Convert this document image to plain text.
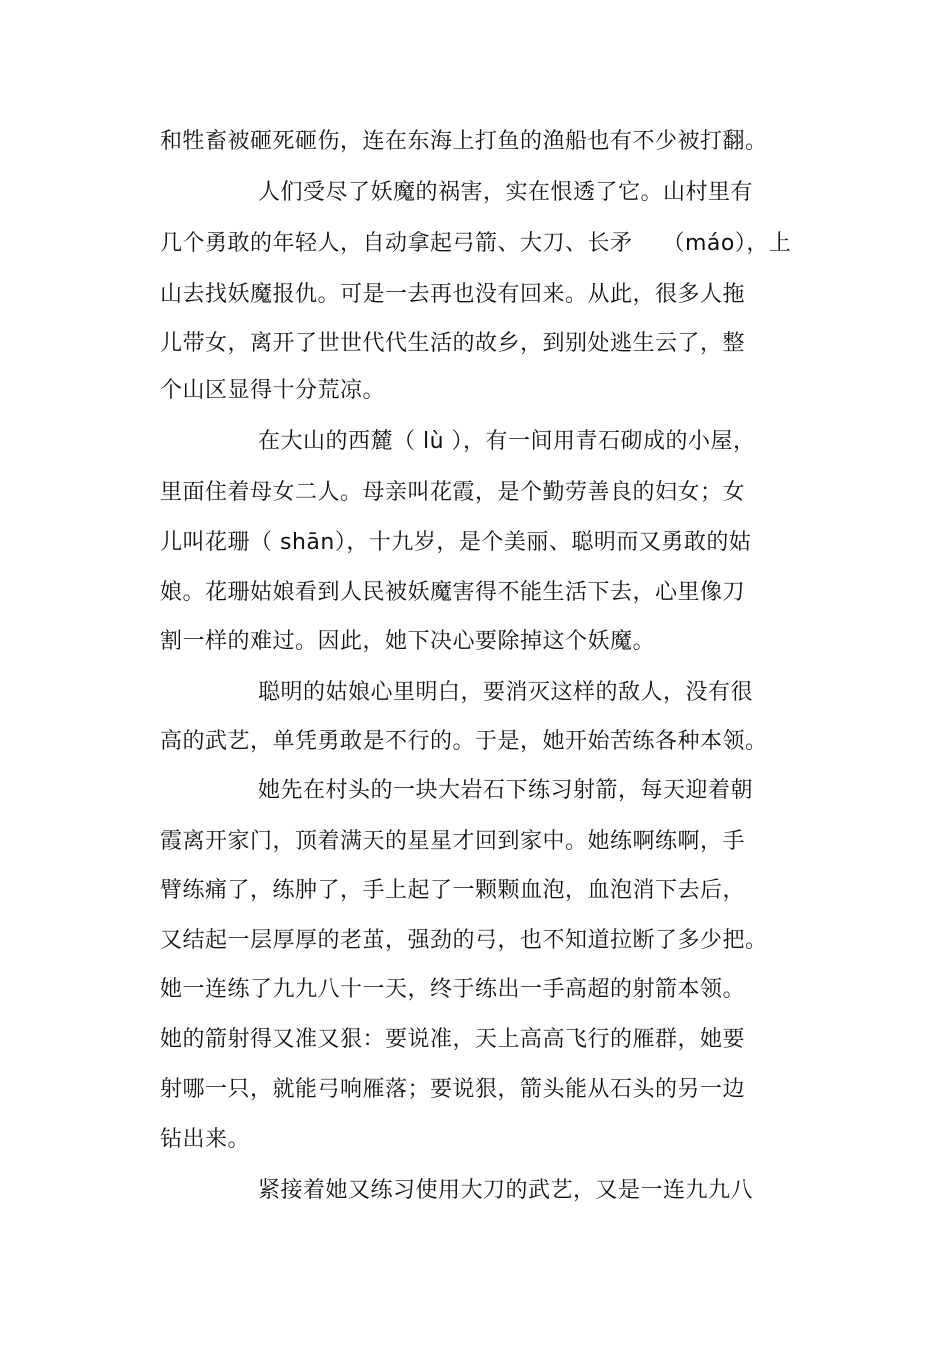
和牲畜被砸死砸伤，连在东海上打鱼的渔船也有不少被打翻。
人们受尽了妖魔的祸害，实在恨透了它。山村里有
几个勇敢的年轻人，自动拿起弓箭、大刀、长矛    （máo），上
山去找妖魔报仇。可是一去再也没有回来。从此，很多人拖
儿带女，离开了世世代代生活的故乡，到别处逃生云了，整
个山区显得十分荒凉。
在大山的西麓（ lù ），有一间用青石砌成的小屋，
里面住着母女二人。母亲叫花霞，是个勤劳善良的妇女；女
儿叫花珊（ shān），十九岁，是个美丽、聪明而又勇敢的姑
娘。花珊姑娘看到人民被妖魔害得不能生活下去，心里像刀
割一样的难过。因此，她下决心要除掉这个妖魔。
聪明的姑娘心里明白，要消灭这样的敌人，没有很
高的武艺，单凭勇敢是不行的。于是，她开始苦练各种本领。
她先在村头的一块大岩石下练习射箭，每天迎着朝
霞离开家门，顶着满天的星星才回到家中。她练啊练啊，手
臂练痛了，练肿了，手上起了一颗颗血泡，血泡消下去后，
又结起一层厚厚的老茧，强劲的弓，也不知道拉断了多少把。
她一连练了九九八十一天，终于练出一手高超的射箭本领。
她的箭射得又准又狠：要说准，天上高高飞行的雁群，她要
射哪一只，就能弓响雁落；要说狠，箭头能从石头的另一边
钻出来。
紧接着她又练习使用大刀的武艺，又是一连九九八
